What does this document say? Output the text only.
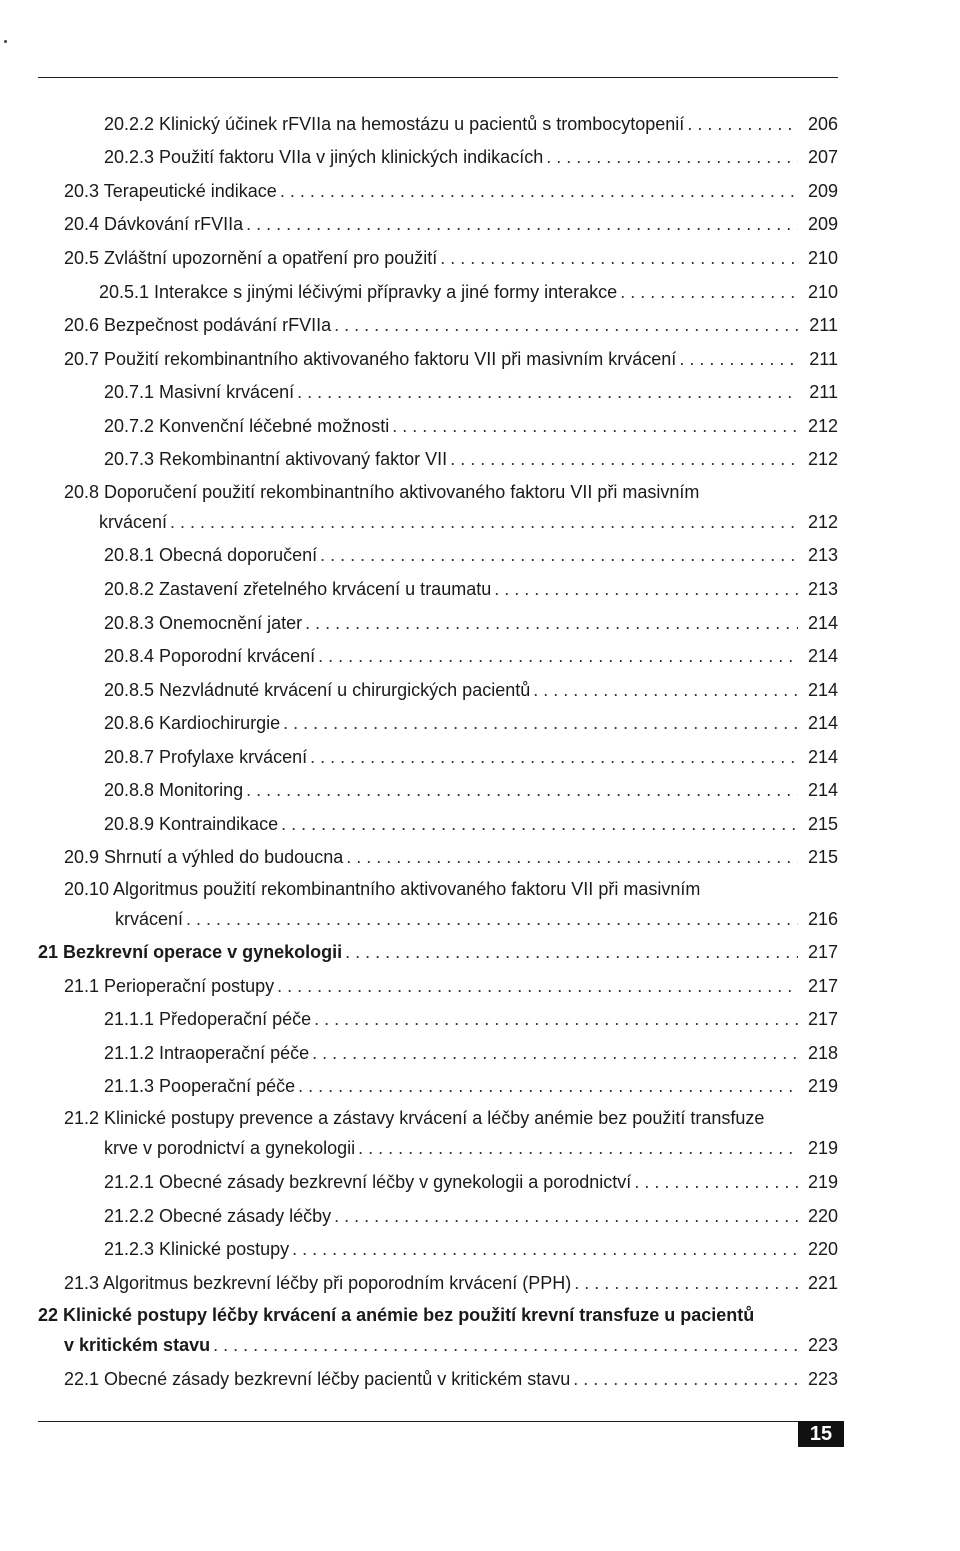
20.2.2 Klinický účinek rFVIIa na hemostázu u pacientů s trombocytopenií . . .	206
20.2.3 Použití faktoru VIIa v jiných klinických indikacích . . .	207
20.3 Terapeutické indikace . . .	209
20.4 Dávkování rFVIIa . . .	209
20.5 Zvláštní upozornění a opatření pro použití . . .	210
20.5.1 Interakce s jinými léčivými přípravky a jiné formy interakce . . .	210
20.6 Bezpečnost podávání rFVIIa . . .	211
20.7 Použití rekombinantního aktivovaného faktoru VII při masivním krvácení . . .	211
20.7.1 Masivní krvácení . . .	211
20.7.2 Konvenční léčebné možnosti . . .	212
20.7.3 Rekombinantní aktivovaný faktor VII . . .	212
20.8 Doporučení použití rekombinantního aktivovaného faktoru VII při masivním
krvácení . . .	212
20.8.1 Obecná doporučení . . .	213
20.8.2 Zastavení zřetelného krvácení u traumatu . . .	213
20.8.3 Onemocnění jater . . .	214
20.8.4 Poporodní krvácení . . .	214
20.8.5 Nezvládnuté krvácení u chirurgických pacientů . . .	214
20.8.6 Kardiochirurgie . . .	214
20.8.7 Profylaxe krvácení . . .	214
20.8.8 Monitoring . . .	214
20.8.9 Kontraindikace . . .	215
20.9 Shrnutí a výhled do budoucna . . .	215
20.10 Algoritmus použití rekombinantního aktivovaného faktoru VII při masivním
krvácení . . .	216
21 Bezkrevní operace v gynekologii . . .	217
21.1 Perioperační postupy . . .	217
21.1.1 Předoperační péče . . .	217
21.1.2 Intraoperační péče . . .	218
21.1.3 Pooperační péče . . .	219
21.2 Klinické postupy prevence a zástavy krvácení a léčby anémie bez použití transfuze
krve v porodnictví a gynekologii . . .	219
21.2.1 Obecné zásady bezkrevní léčby v gynekologii a porodnictví . . .	219
21.2.2 Obecné zásady léčby . . .	220
21.2.3 Klinické postupy . . .	220
21.3 Algoritmus bezkrevní léčby při poporodním krvácení (PPH) . . .	221
22 Klinické postupy léčby krvácení a anémie bez použití krevní transfuze u pacientů
v kritickém stavu . . .	223
22.1 Obecné zásady bezkrevní léčby pacientů v kritickém stavu . . .	223
15
